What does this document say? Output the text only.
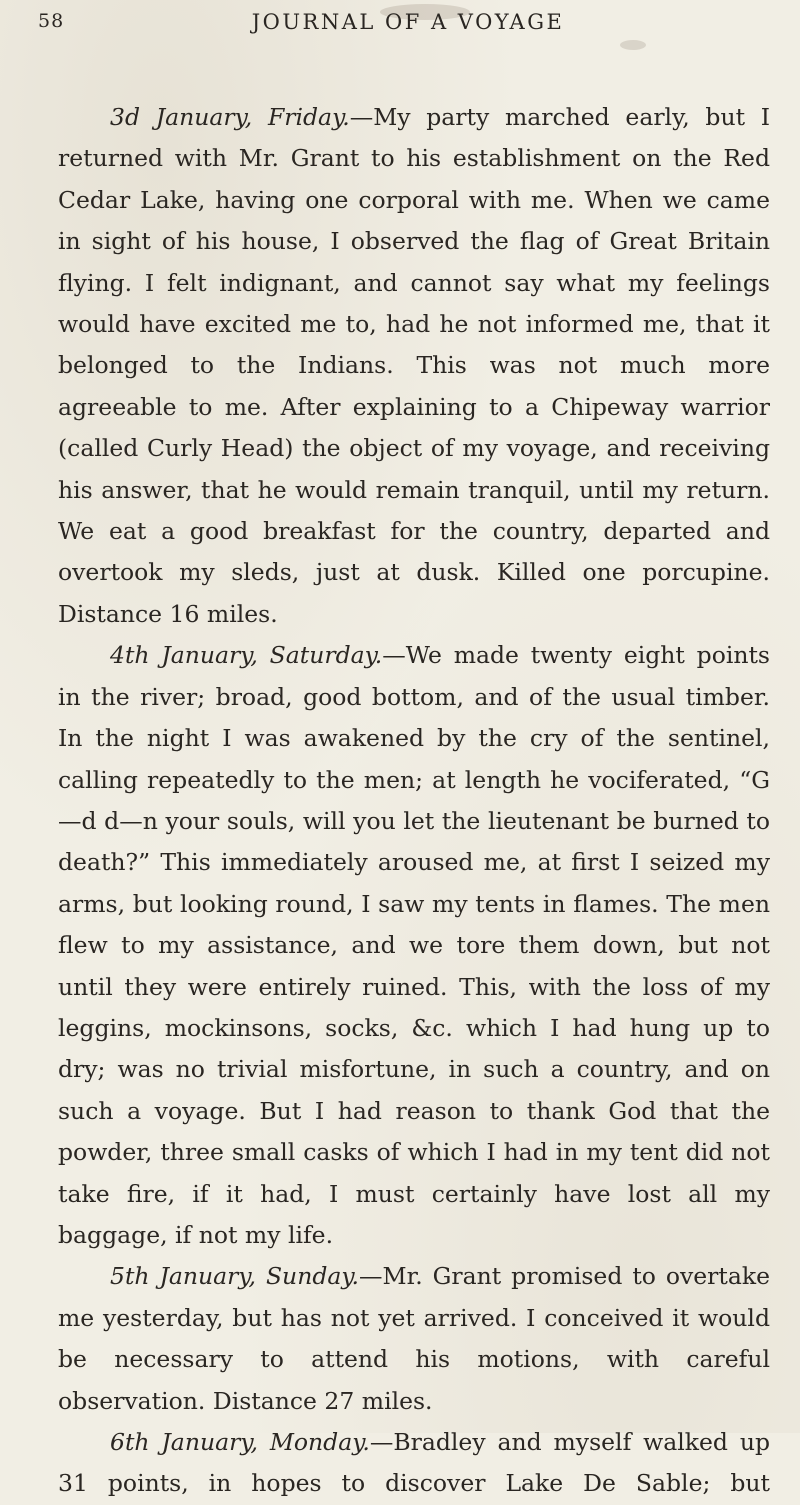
58	JOURNAL OF A VOYAGE

3d January, Friday.—My party marched early, but I returned with Mr. Grant to his establishment on the Red Cedar Lake, having one corporal with me. When we came in sight of his house, I observed the flag of Great Britain flying. I felt indignant, and cannot say what my feelings would have excited me to, had he not informed me, that it belonged to the Indians. This was not much more agreeable to me. After explaining to a Chipeway warrior (called Curly Head) the object of my voyage, and receiving his answer, that he would remain tranquil, until my return. We eat a good breakfast for the country, departed and overtook my sleds, just at dusk. Killed one porcupine. Distance 16 miles.

4th January, Saturday.—We made twenty eight points in the river; broad, good bottom, and of the usual timber. In the night I was awakened by the cry of the sentinel, calling repeatedly to the men; at length he vociferated, “G—d d—n your souls, will you let the lieutenant be burned to death?” This immediately aroused me, at first I seized my arms, but looking round, I saw my tents in flames. The men flew to my assistance, and we tore them down, but not until they were entirely ruined. This, with the loss of my leggins, mockinsons, socks, &c. which I had hung up to dry; was no trivial misfortune, in such a country, and on such a voyage. But I had reason to thank God that the powder, three small casks of which I had in my tent did not take fire, if it had, I must certainly have lost all my baggage, if not my life.

5th January, Sunday.—Mr. Grant promised to overtake me yesterday, but has not yet arrived. I conceived it would be necessary to attend his motions, with careful observation. Distance 27 miles.

6th January, Monday.—Bradley and myself walked up 31 points, in hopes to discover Lake De Sable; but
